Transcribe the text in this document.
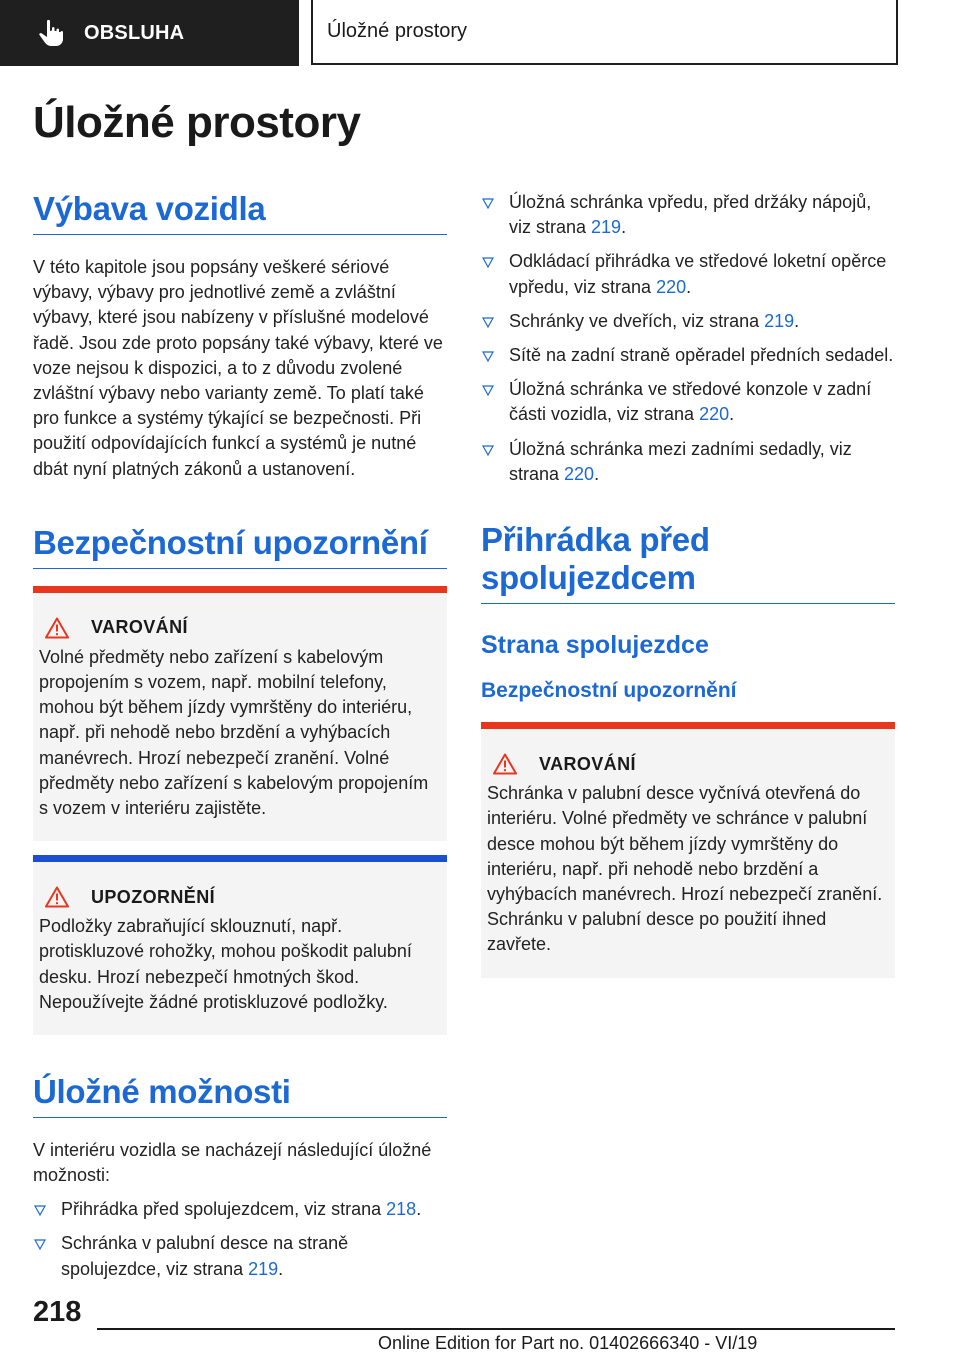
OBSLUHA	Úložné prostory
Úložné prostory
Výbava vozidla

V této kapitole jsou popsány veškeré sériové výbavy, výbavy pro jednotlivé země a zvláštní výbavy, které jsou nabízeny v příslušné modelové řadě. Jsou zde proto popsány také výbavy, které ve voze nejsou k dispozici, a to z důvodu zvolené zvláštní výbavy nebo varianty země. To platí také pro funkce a systémy týkající se bezpečnosti. Při použití odpovídajících funkcí a systémů je nutné dbát nyní platných zákonů a ustanovení.

Bezpečnostní upozornění
VAROVÁNÍ

Volné předměty nebo zařízení s kabelovým propojením s vozem, např. mobilní telefony, mohou být během jízdy vymrštěny do interiéru, např. při nehodě nebo brzdění a vyhýbacích manévrech. Hrozí nebezpečí zranění. Volné předměty nebo zařízení s kabelovým propojením s vozem v interiéru zajistěte.

UPOZORNĚNÍ

Podložky zabraňující sklouznutí, např. protiskluzové rohožky, mohou poškodit palubní desku. Hrozí nebezpečí hmotných škod. Nepoužívejte žádné protiskluzové podložky.

Úložné možnosti

V interiéru vozidla se nacházejí následující úložné možnosti:

Přihrádka před spolujezdcem, viz strana 218.
Schránka v palubní desce na straně spolujezdce, viz strana 219.
Úložná schránka vpředu, před držáky nápojů, viz strana 219.
Odkládací přihrádka ve středové loketní opěrce vpředu, viz strana 220.
Schránky ve dveřích, viz strana 219.
Sítě na zadní straně opěradel předních sedadel.
Úložná schránka ve středové konzole v zadní části vozidla, viz strana 220.
Úložná schránka mezi zadními sedadly, viz strana 220.
Přihrádka před spolujezdcem
Strana spolujezdce
Bezpečnostní upozornění
VAROVÁNÍ

Schránka v palubní desce vyčnívá otevřená do interiéru. Volné předměty ve schránce v palubní desce mohou být během jízdy vymrštěny do interiéru, např. při nehodě nebo brzdění a vyhýbacích manévrech. Hrozí nebezpečí zranění. Schránku v palubní desce po použití ihned zavřete.

218
Online Edition for Part no. 01402666340 - VI/19
